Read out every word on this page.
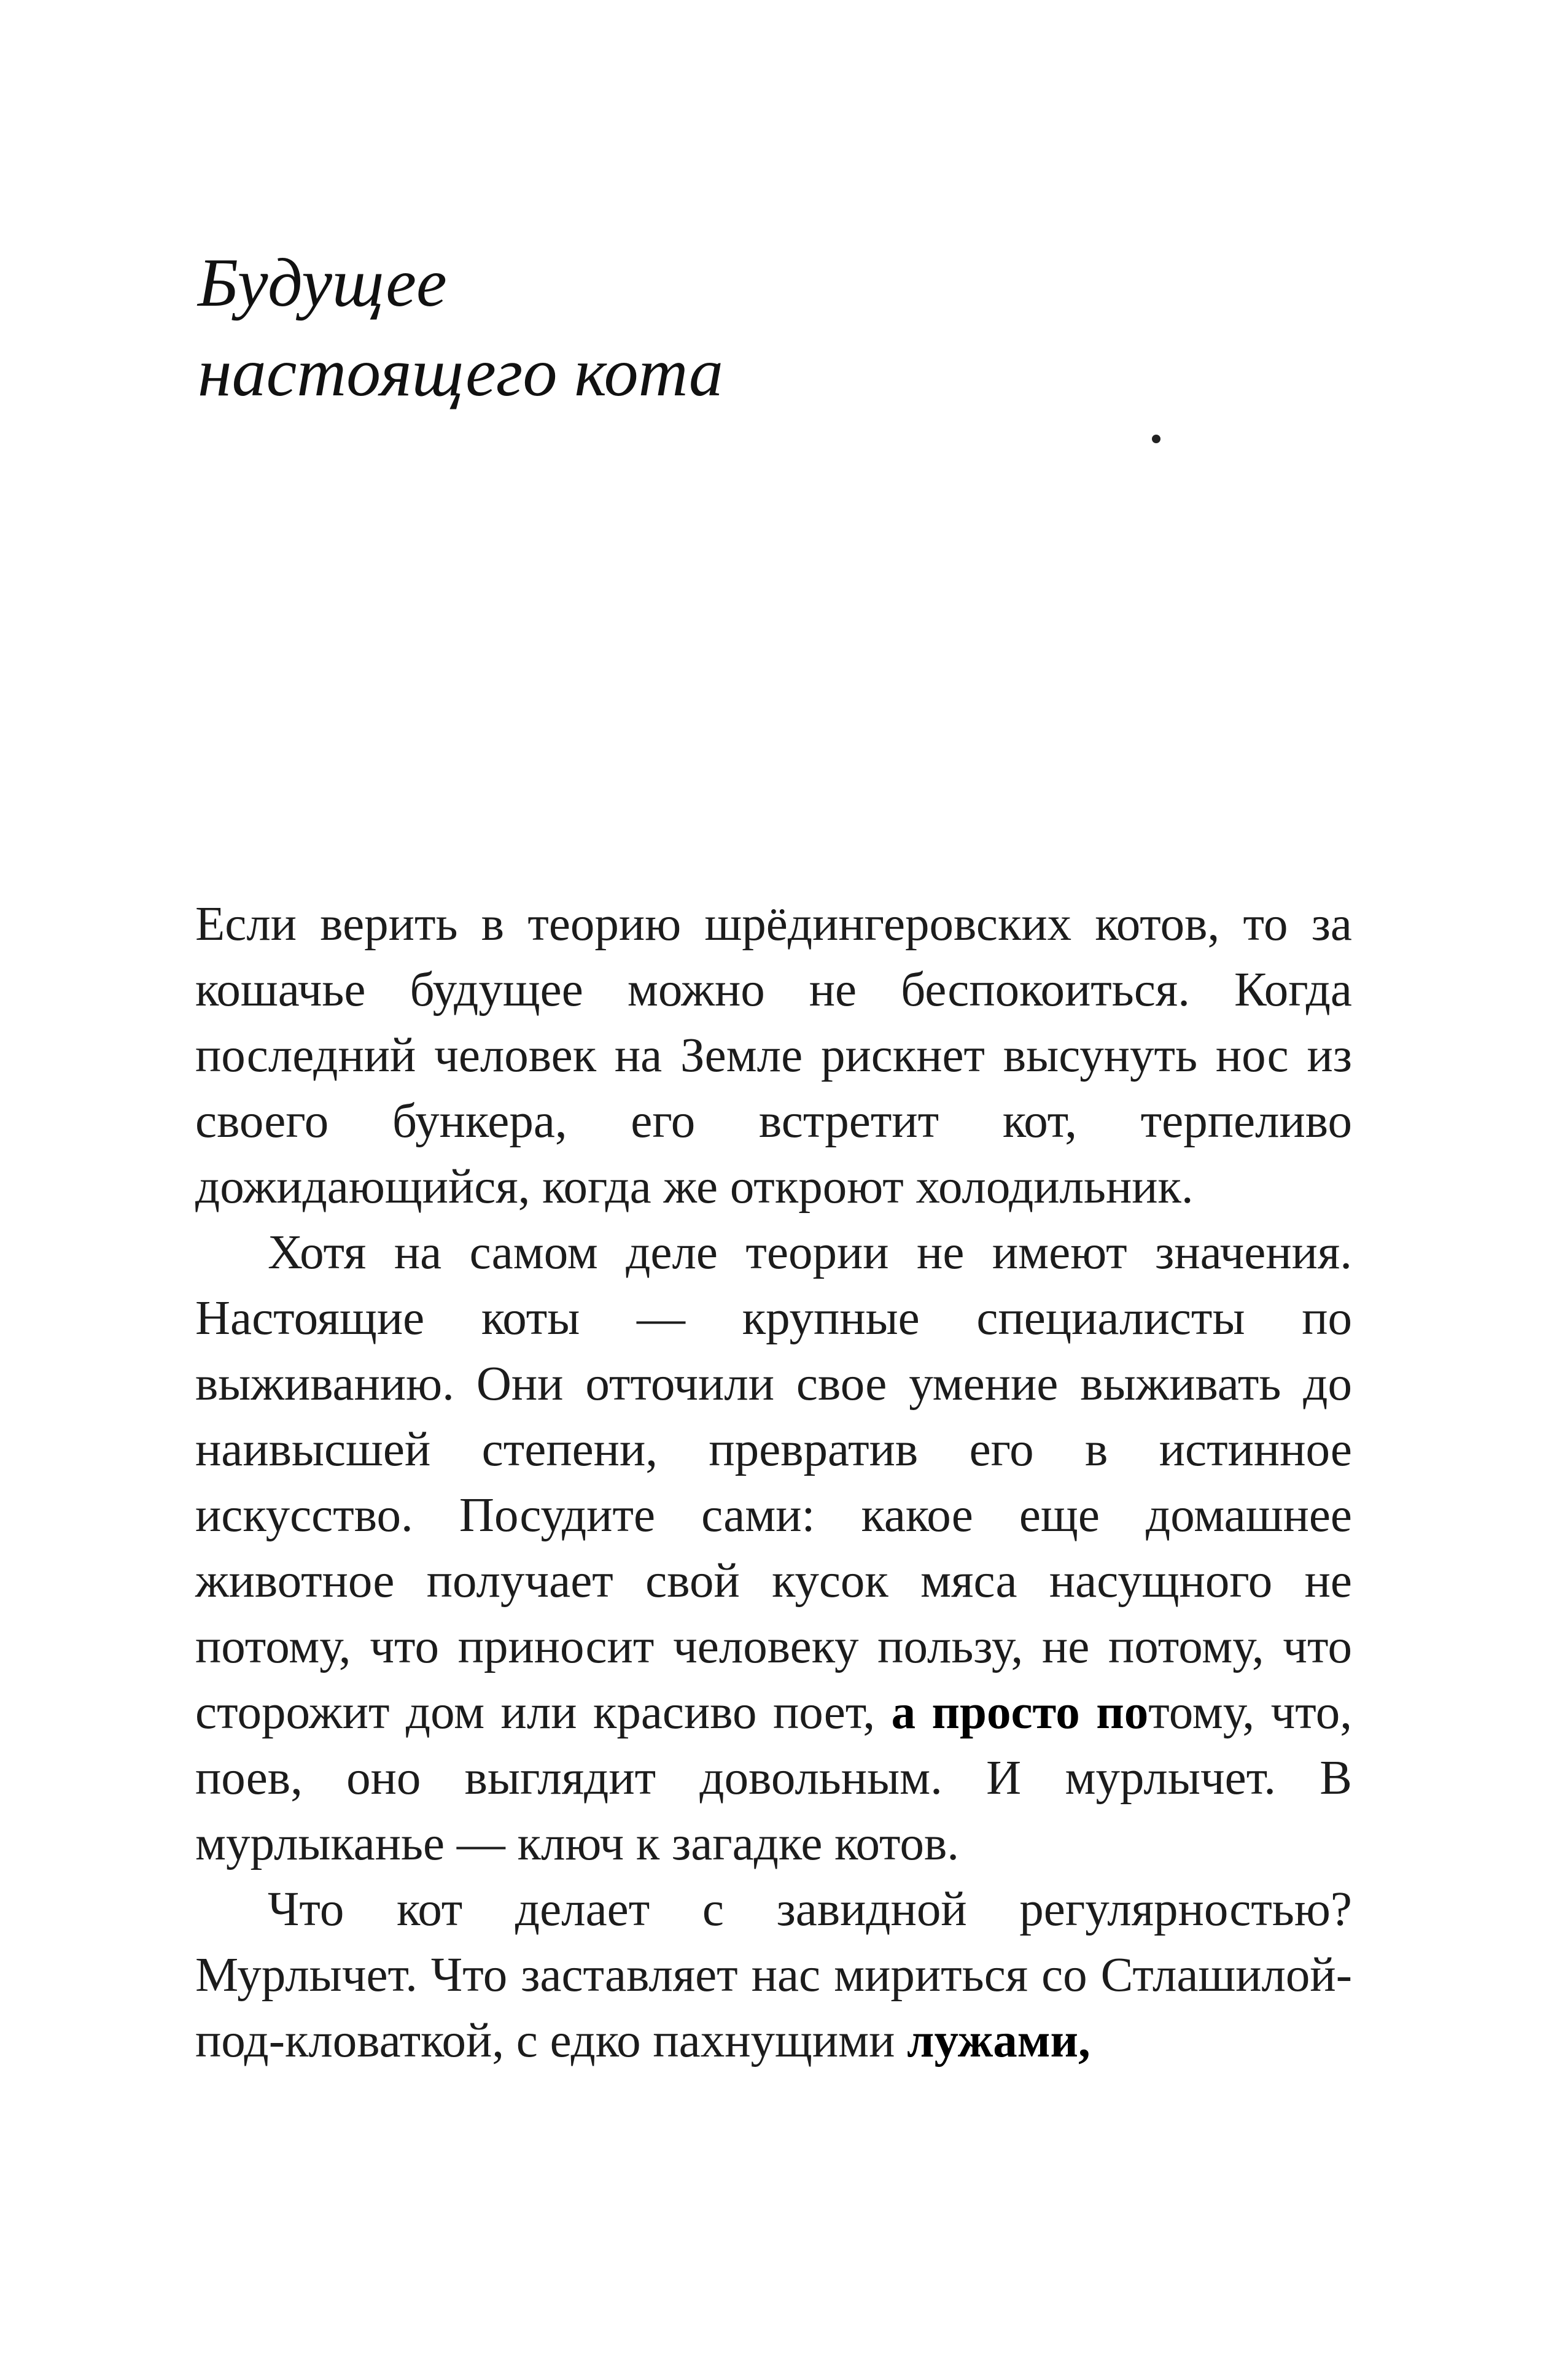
Будущее
настоящего кота

Если верить в теорию шрёдингеровских котов, то за кошачье будущее можно не беспокоиться. Когда последний человек на Земле рискнет высунуть нос из своего бункера, его встретит кот, терпеливо дожидающийся, когда же откроют холодильник.

Хотя на самом деле теории не имеют значения. Настоящие коты — крупные специалисты по выживанию. Они отточили свое умение выживать до наивысшей степени, превратив его в истинное искусство. Посудите сами: какое еще домашнее животное получает свой кусок мяса насущного не потому, что приносит человеку пользу, не потому, что сторожит дом или красиво поет, а просто потому, что, поев, оно выглядит довольным. И мурлычет. В мурлыканье — ключ к загадке котов.

Что кот делает с завидной регулярностью? Мурлычет. Что заставляет нас мириться со Стлашилой-под-кловаткой, с едко пахнущими лужами,
